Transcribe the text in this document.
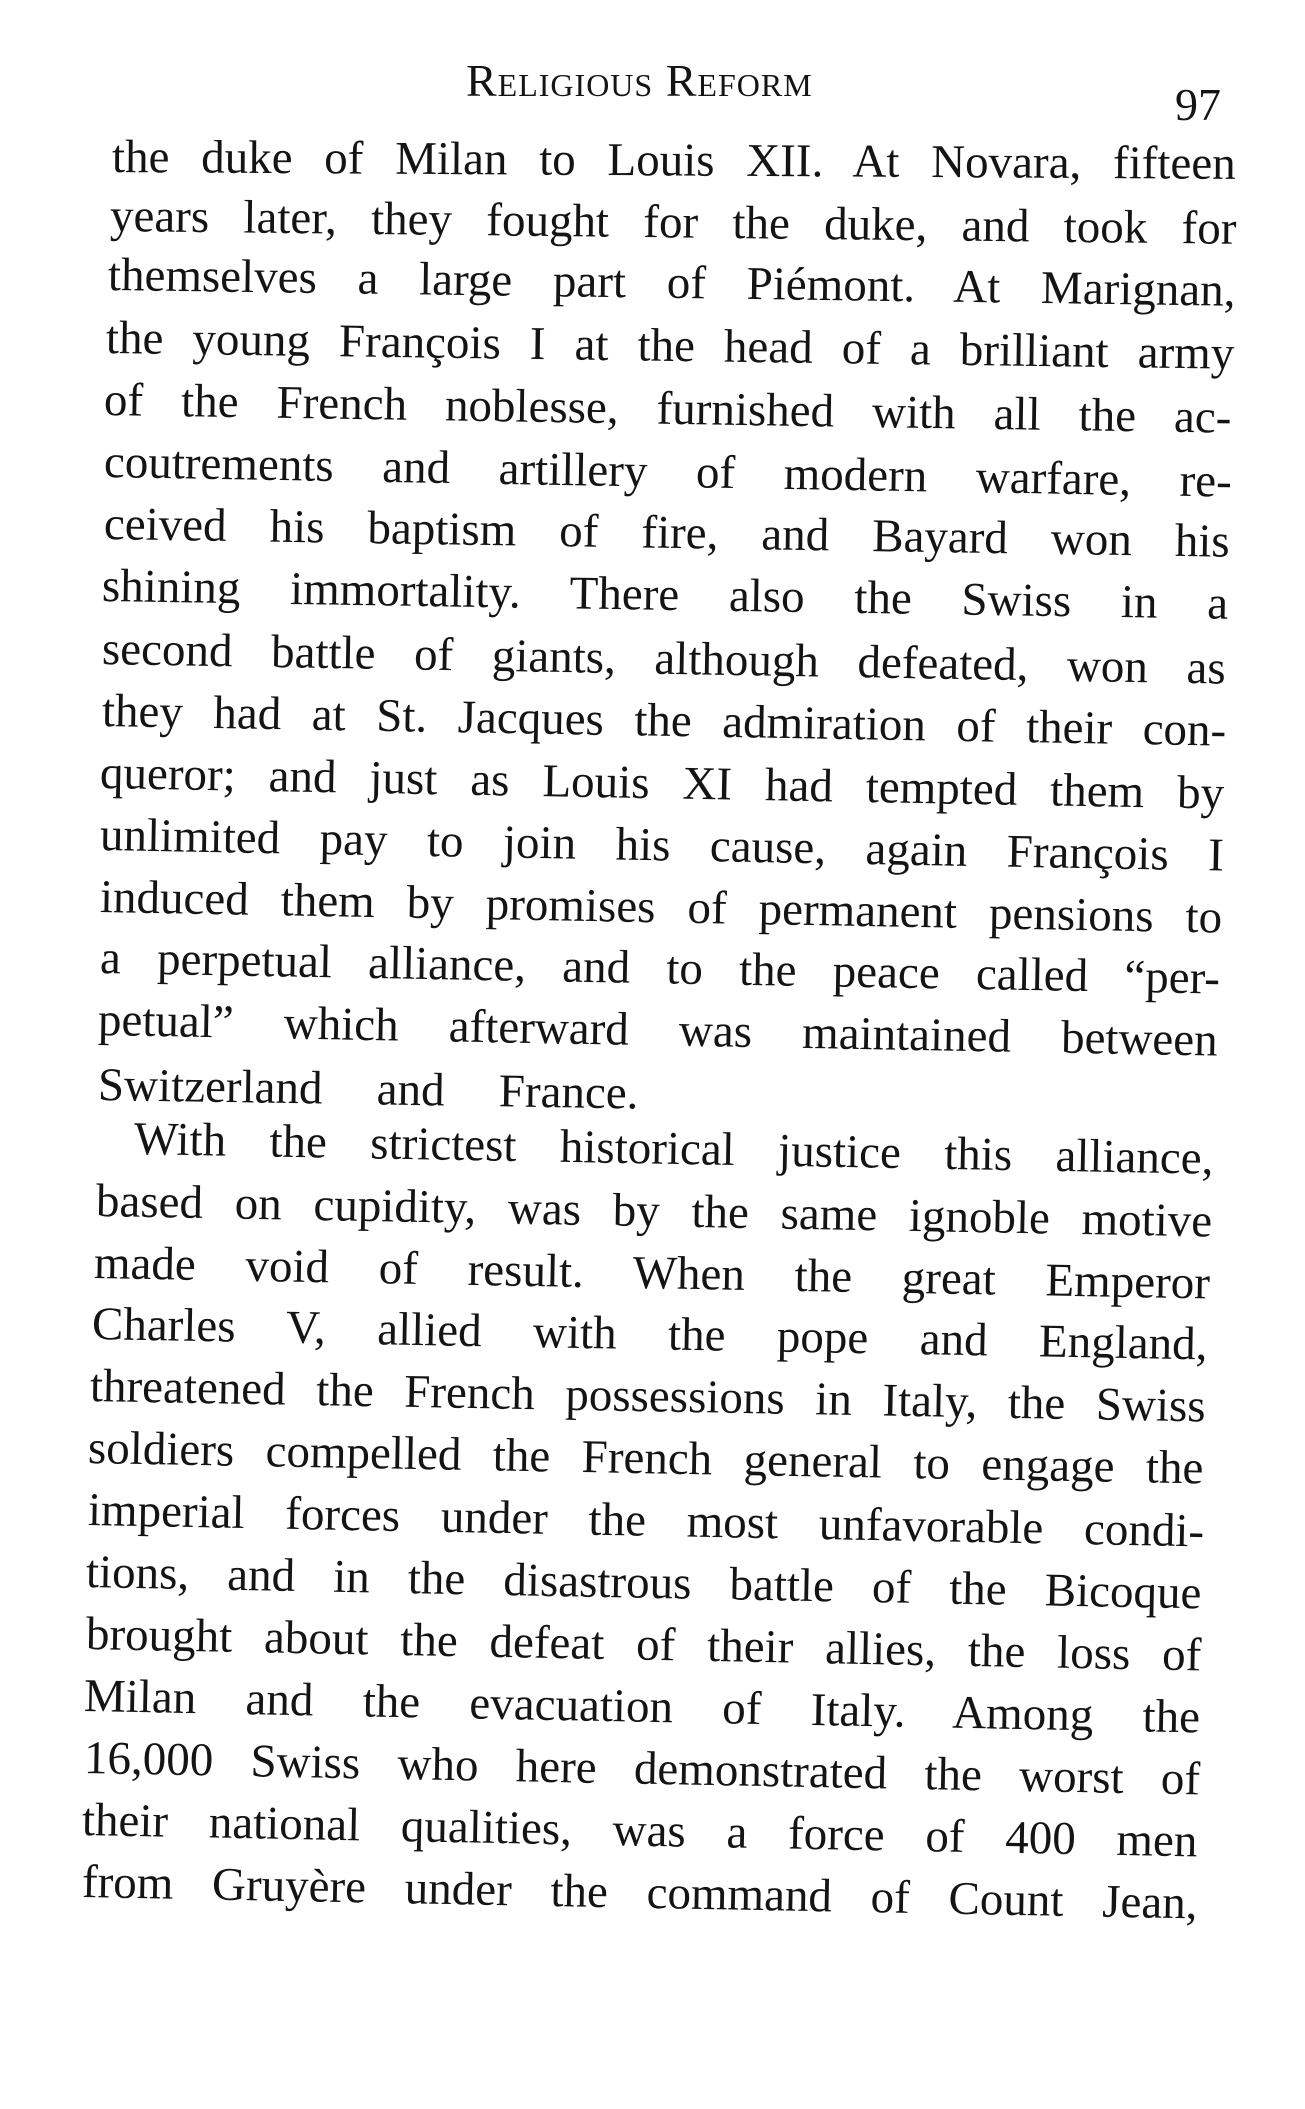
Religious Reform	97
the duke of Milan to Louis XII. At Novara, fifteen
years later, they fought for the duke, and took for
themselves a large part of Piémont. At Marignan,
the young François I at the head of a brilliant army
of the French noblesse, furnished with all the ac-
coutrements and artillery of modern warfare, re-
ceived his baptism of fire, and Bayard won his
shining immortality. There also the Swiss in a
second battle of giants, although defeated, won as
they had at St. Jacques the admiration of their con-
queror; and just as Louis XI had tempted them by
unlimited pay to join his cause, again François I
induced them by promises of permanent pensions to
a perpetual alliance, and to the peace called “per-
petual” which afterward was maintained between
Switzerland and France.
With the strictest historical justice this alliance,
based on cupidity, was by the same ignoble motive
made void of result. When the great Emperor
Charles V, allied with the pope and England,
threatened the French possessions in Italy, the Swiss
soldiers compelled the French general to engage the
imperial forces under the most unfavorable condi-
tions, and in the disastrous battle of the Bicoque
brought about the defeat of their allies, the loss of
Milan and the evacuation of Italy. Among the
16,000 Swiss who here demonstrated the worst of
their national qualities, was a force of 400 men
from Gruyère under the command of Count Jean,
